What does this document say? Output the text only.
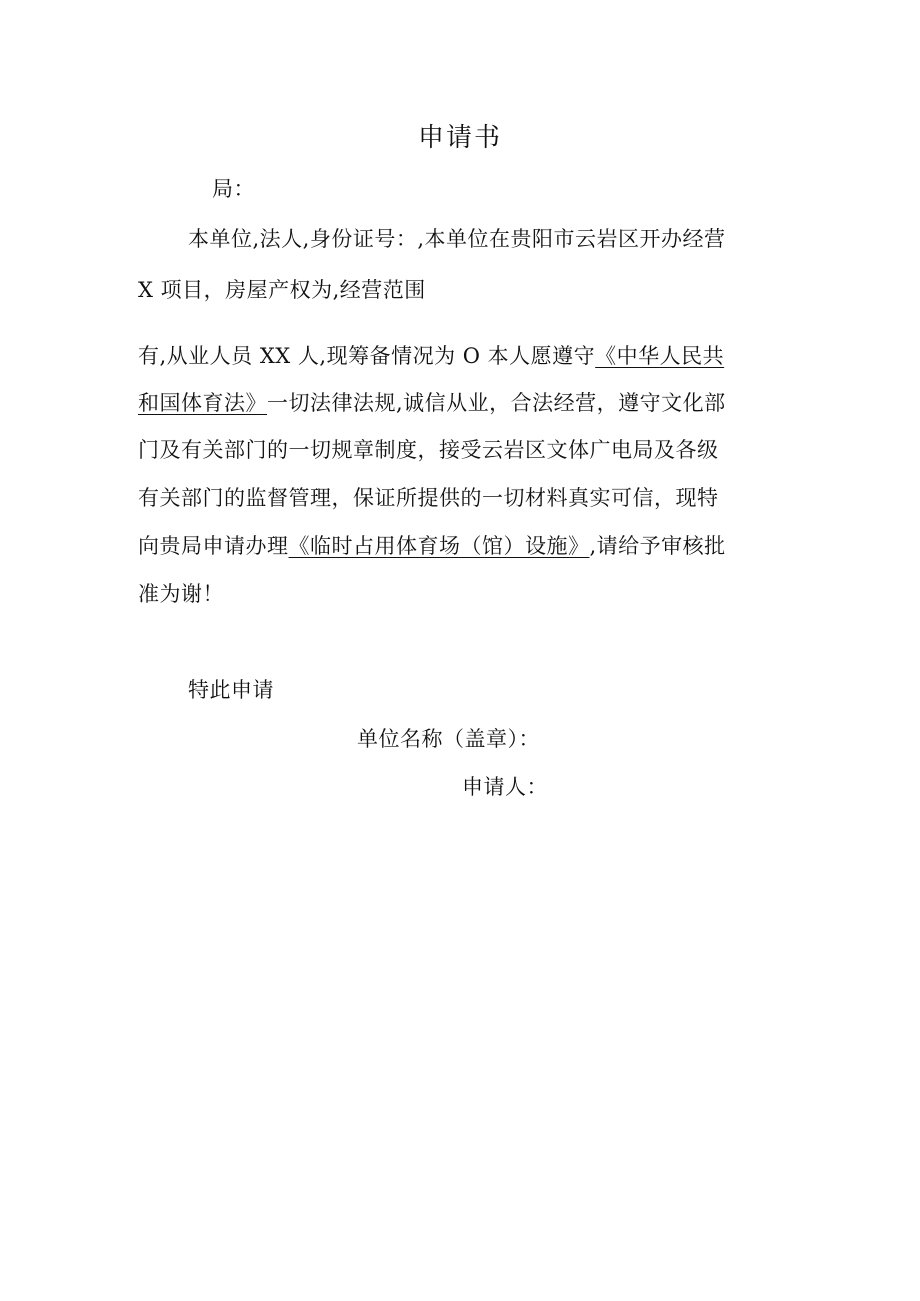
申请书
局：
本单位,法人,身份证号：,本单位在贵阳市云岩区开办经营
X 项目，房屋产权为,经营范围
有,从业人员 XX 人,现筹备情况为 O 本人愿遵守《中华人民共
和国体育法》一切法律法规,诚信从业，合法经营，遵守文化部
门及有关部门的一切规章制度，接受云岩区文体广电局及各级
有关部门的监督管理，保证所提供的一切材料真实可信，现特
向贵局申请办理《临时占用体育场（馆）设施》,请给予审核批
准为谢！
特此申请
单位名称（盖章）：
申请人：
